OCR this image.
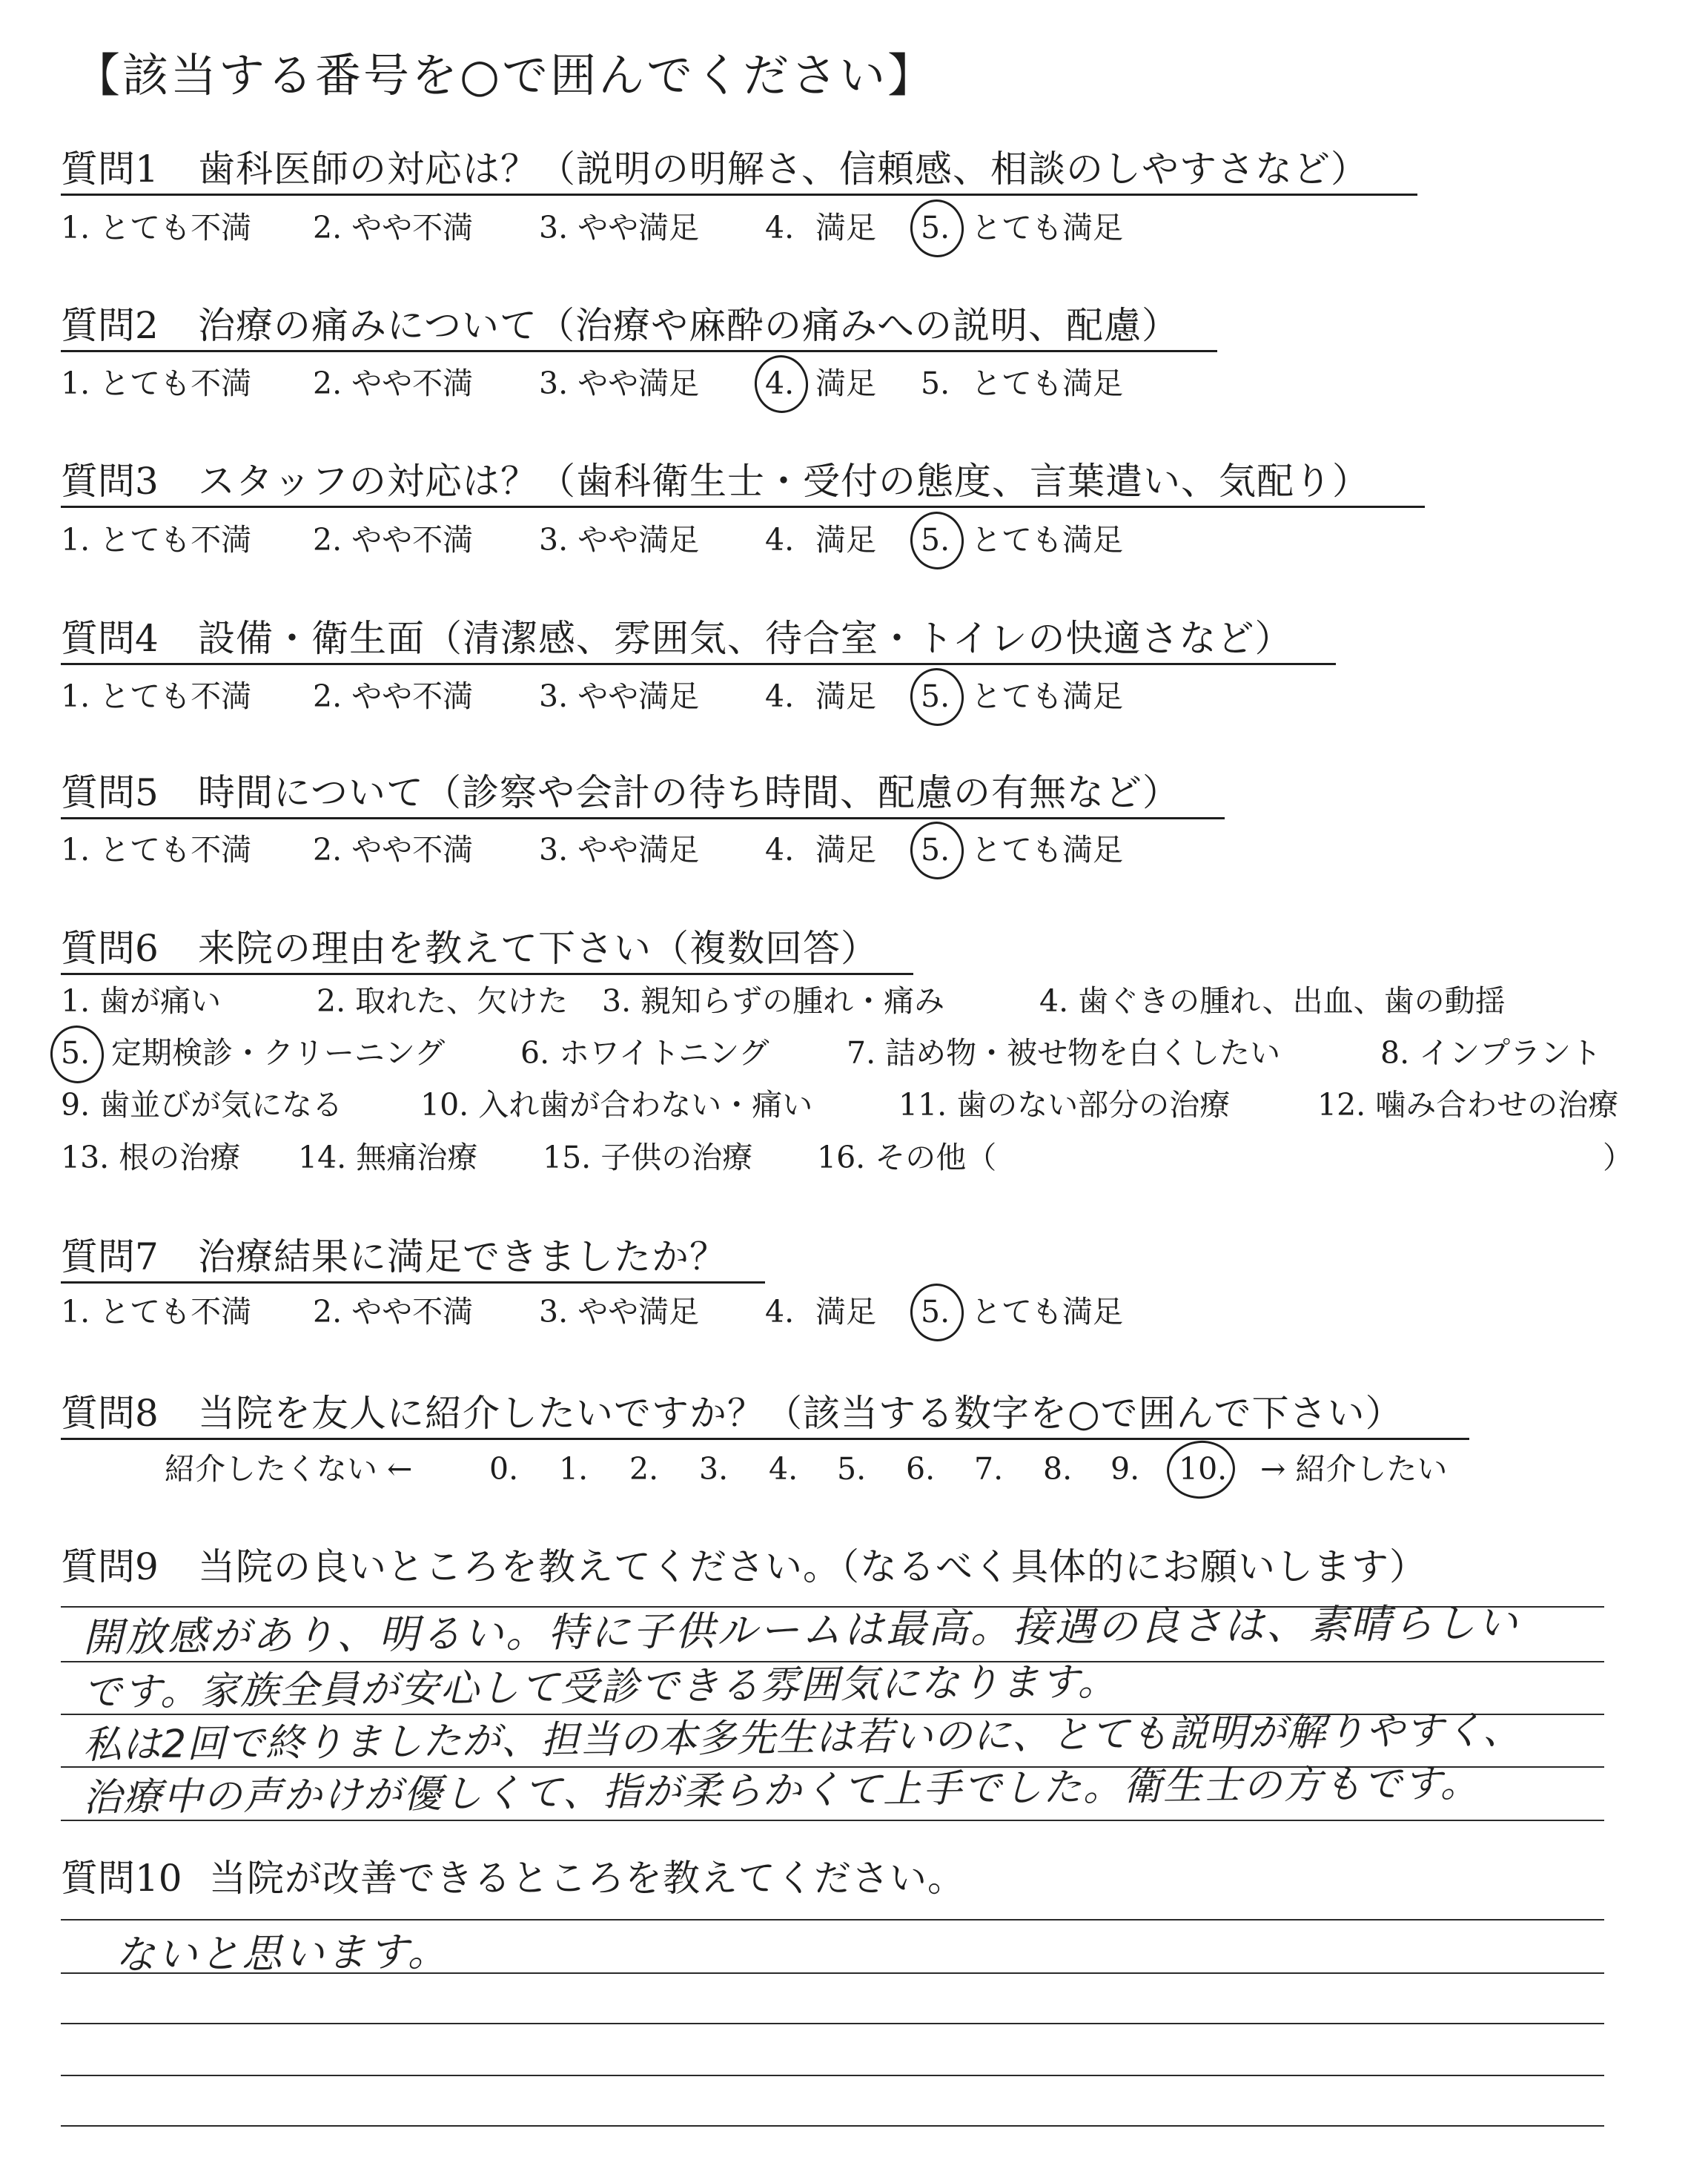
【該当する番号を○で囲んでください】
質問1 歯科医師の対応は？（説明の明解さ、信頼感、相談のしやすさなど）
1. とても不満 2. やや不満 3. やや満足 4. 満足 5. とても満足
質問2 治療の痛みについて（治療や麻酔の痛みへの説明、配慮）
1. とても不満 2. やや不満 3. やや満足 4. 満足 5. とても満足
質問3 スタッフの対応は？（歯科衛生士・受付の態度、言葉遣い、気配り）
1. とても不満 2. やや不満 3. やや満足 4. 満足 5. とても満足
質問4 設備・衛生面（清潔感、雰囲気、待合室・トイレの快適さなど）
1. とても不満 2. やや不満 3. やや満足 4. 満足 5. とても満足
質問5 時間について（診察や会計の待ち時間、配慮の有無など）
1. とても不満 2. やや不満 3. やや満足 4. 満足 5. とても満足
質問6 来院の理由を教えて下さい（複数回答）
1. 歯が痛い	2. 取れた、欠けた 3. 親知らずの腫れ・痛み	4. 歯ぐきの腫れ、出血、歯の動揺
5. 定期検診・クリーニング 6. ホワイトニング	7. 詰め物・被せ物を白くしたい	8. インプラント
9. 歯並びが気になる	10. 入れ歯が合わない・痛い	11. 歯のない部分の治療	12. 噛み合わせの治療
13. 根の治療 14. 無痛治療 15. 子供の治療 16. その他（	）
質問7 治療結果に満足できましたか？
1. とても不満 2. やや不満 3. やや満足 4. 満足 5. とても満足
質問8 当院を友人に紹介したいですか？（該当する数字を○で囲んで下さい）
紹介したくない ←	0. 1. 2. 3. 4. 5. 6. 7. 8. 9. 10. → 紹介したい
質問9 当院の良いところを教えてください。（なるべく具体的にお願いします）
開放感があり、明るい。特に子供ルームは最高。接遇の良さは、素晴らしい
です。家族全員が安心して受診できる雰囲気になります。
私は2回で終りましたが、担当の本多先生は若いのに、とても説明が解りやすく、
治療中の声かけが優しくて、指が柔らかくて上手でした。衛生士の方もです。
質問10 当院が改善できるところを教えてください。
ないと思います。
